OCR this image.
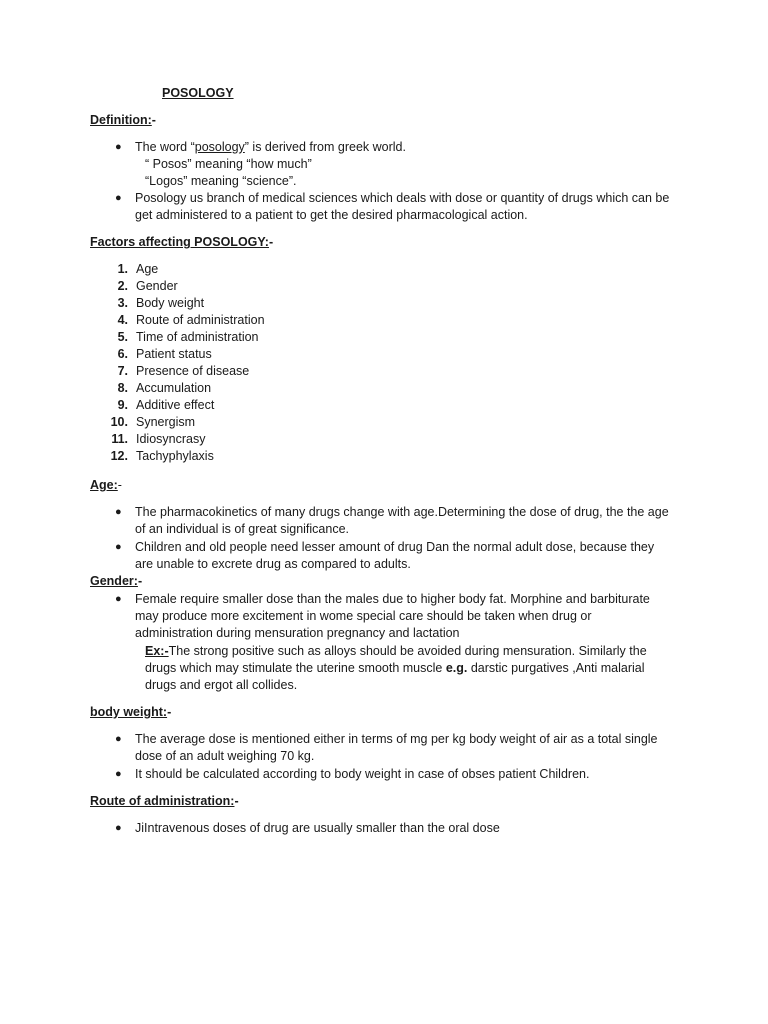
POSOLOGY
Definition:-
● The word “posology” is derived from greek world.
“ Posos” meaning “how much”
“Logos” meaning “science”.
● Posology us branch of medical sciences which deals with dose or quantity of drugs which can be
get administered to a patient to get the desired pharmacological action.
Factors affecting POSOLOGY:-
1. Age
2. Gender
3. Body weight
4. Route of administration
5. Time of administration
6. Patient status
7. Presence of disease
8. Accumulation
9. Additive effect
10. Synergism
11. Idiosyncrasy
12. Tachyphylaxis
Age:-
● The pharmacokinetics of many drugs change with age.Determining the dose of drug, the the age
of an individual is of great significance.
● Children and old people need lesser amount of drug Dan the normal adult dose, because they
are unable to excrete drug as compared to adults.
Gender:-
● Female require smaller dose than the males due to higher body fat. Morphine and barbiturate
may produce more excitement in wome special care should be taken when drug or
administration during mensuration pregnancy and lactation
Ex:-The strong positive such as alloys should be avoided during mensuration. Similarly the
drugs which may stimulate the uterine smooth muscle e.g. darstic purgatives ,Anti malarial
drugs and ergot all collides.
body weight:-
● The average dose is mentioned either in terms of mg per kg body weight of air as a total single
dose of an adult weighing 70 kg.
● It should be calculated according to body weight in case of obses patient Children.
Route of administration:-
● JiIntravenous doses of drug are usually smaller than the oral dose
